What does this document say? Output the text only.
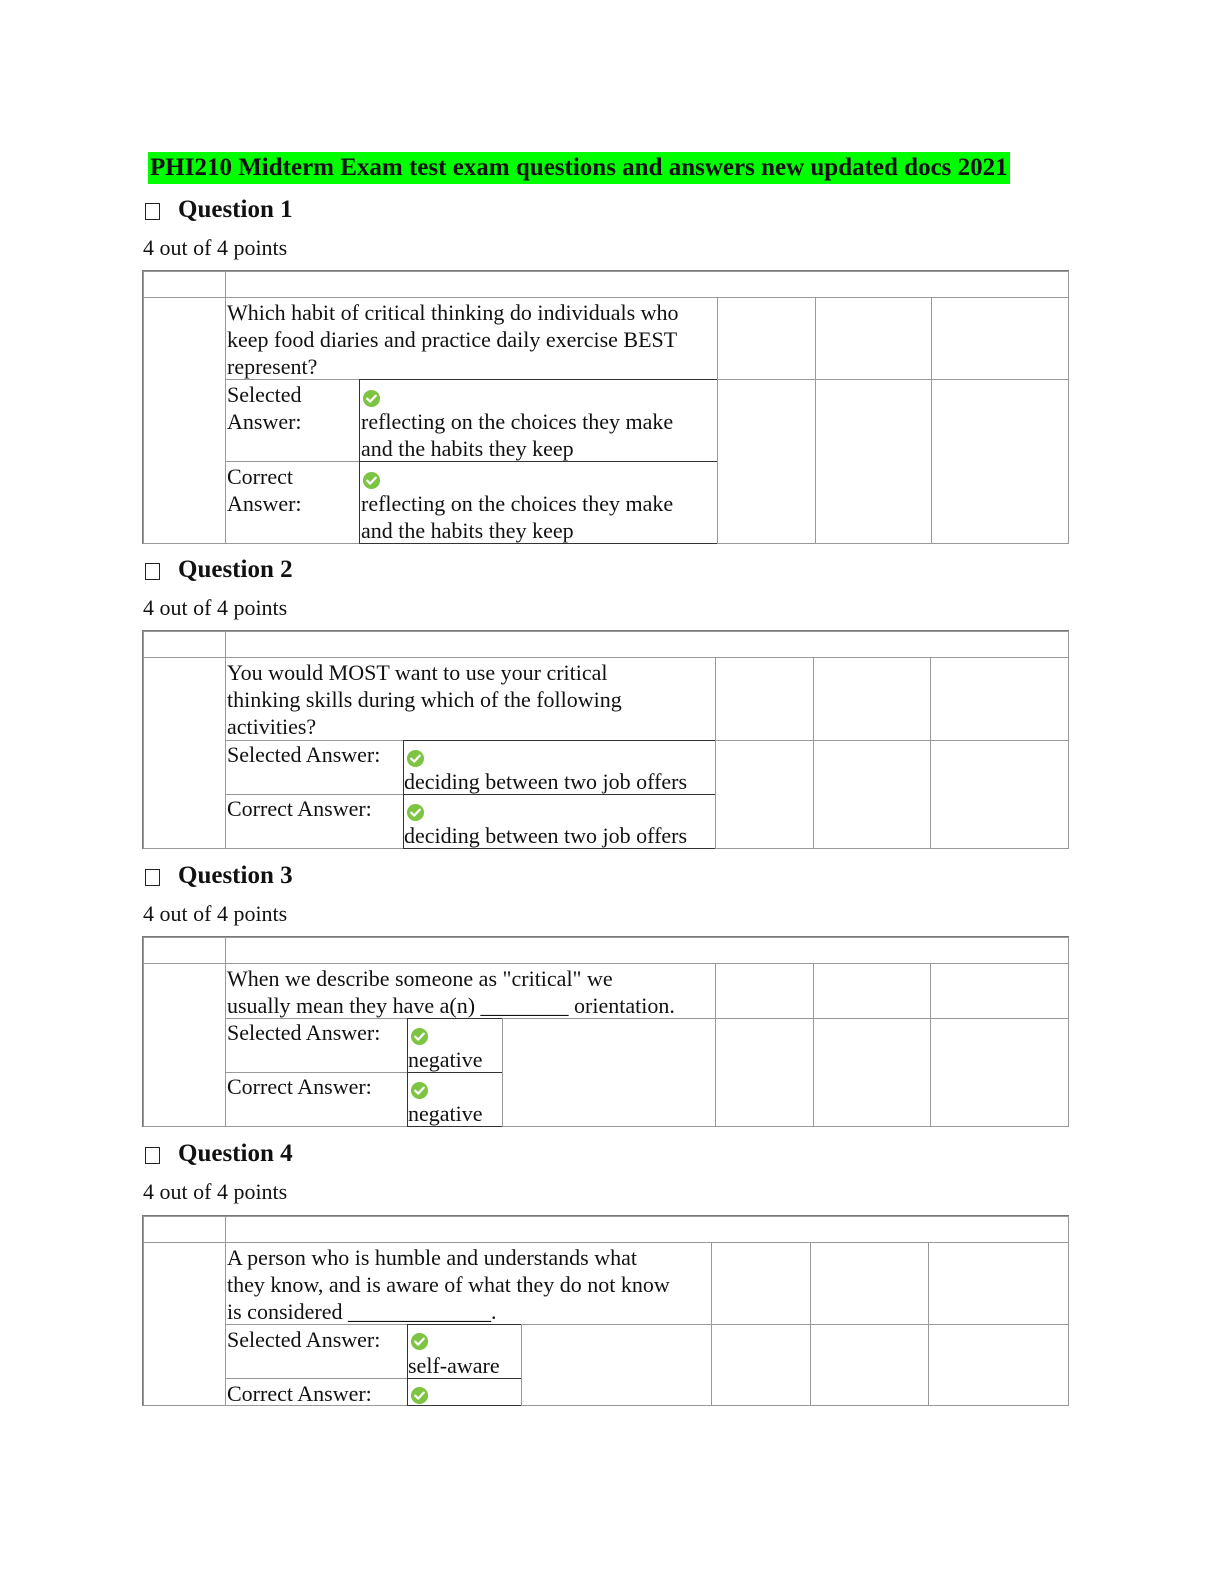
PHI210 Midterm Exam test exam questions and answers new updated docs 2021
Question 1
4 out of 4 points
Which habit of critical thinking do individuals who
keep food diaries and practice daily exercise BEST
represent?
Selected
Answer:	reflecting on the choices they make
and the habits they keep
Correct
Answer:	reflecting on the choices they make
and the habits they keep
Question 2
4 out of 4 points
You would MOST want to use your critical
thinking skills during which of the following
activities?
Selected Answer:
deciding between two job offers
Correct Answer:
deciding between two job offers
Question 3
4 out of 4 points
When we describe someone as "critical" we
usually mean they have a(n) ________ orientation.
Selected Answer:
negative
Correct Answer:
negative
Question 4
4 out of 4 points
A person who is humble and understands what
they know, and is aware of what they do not know
is considered _____________.
Selected Answer:
self-aware
Correct Answer:
